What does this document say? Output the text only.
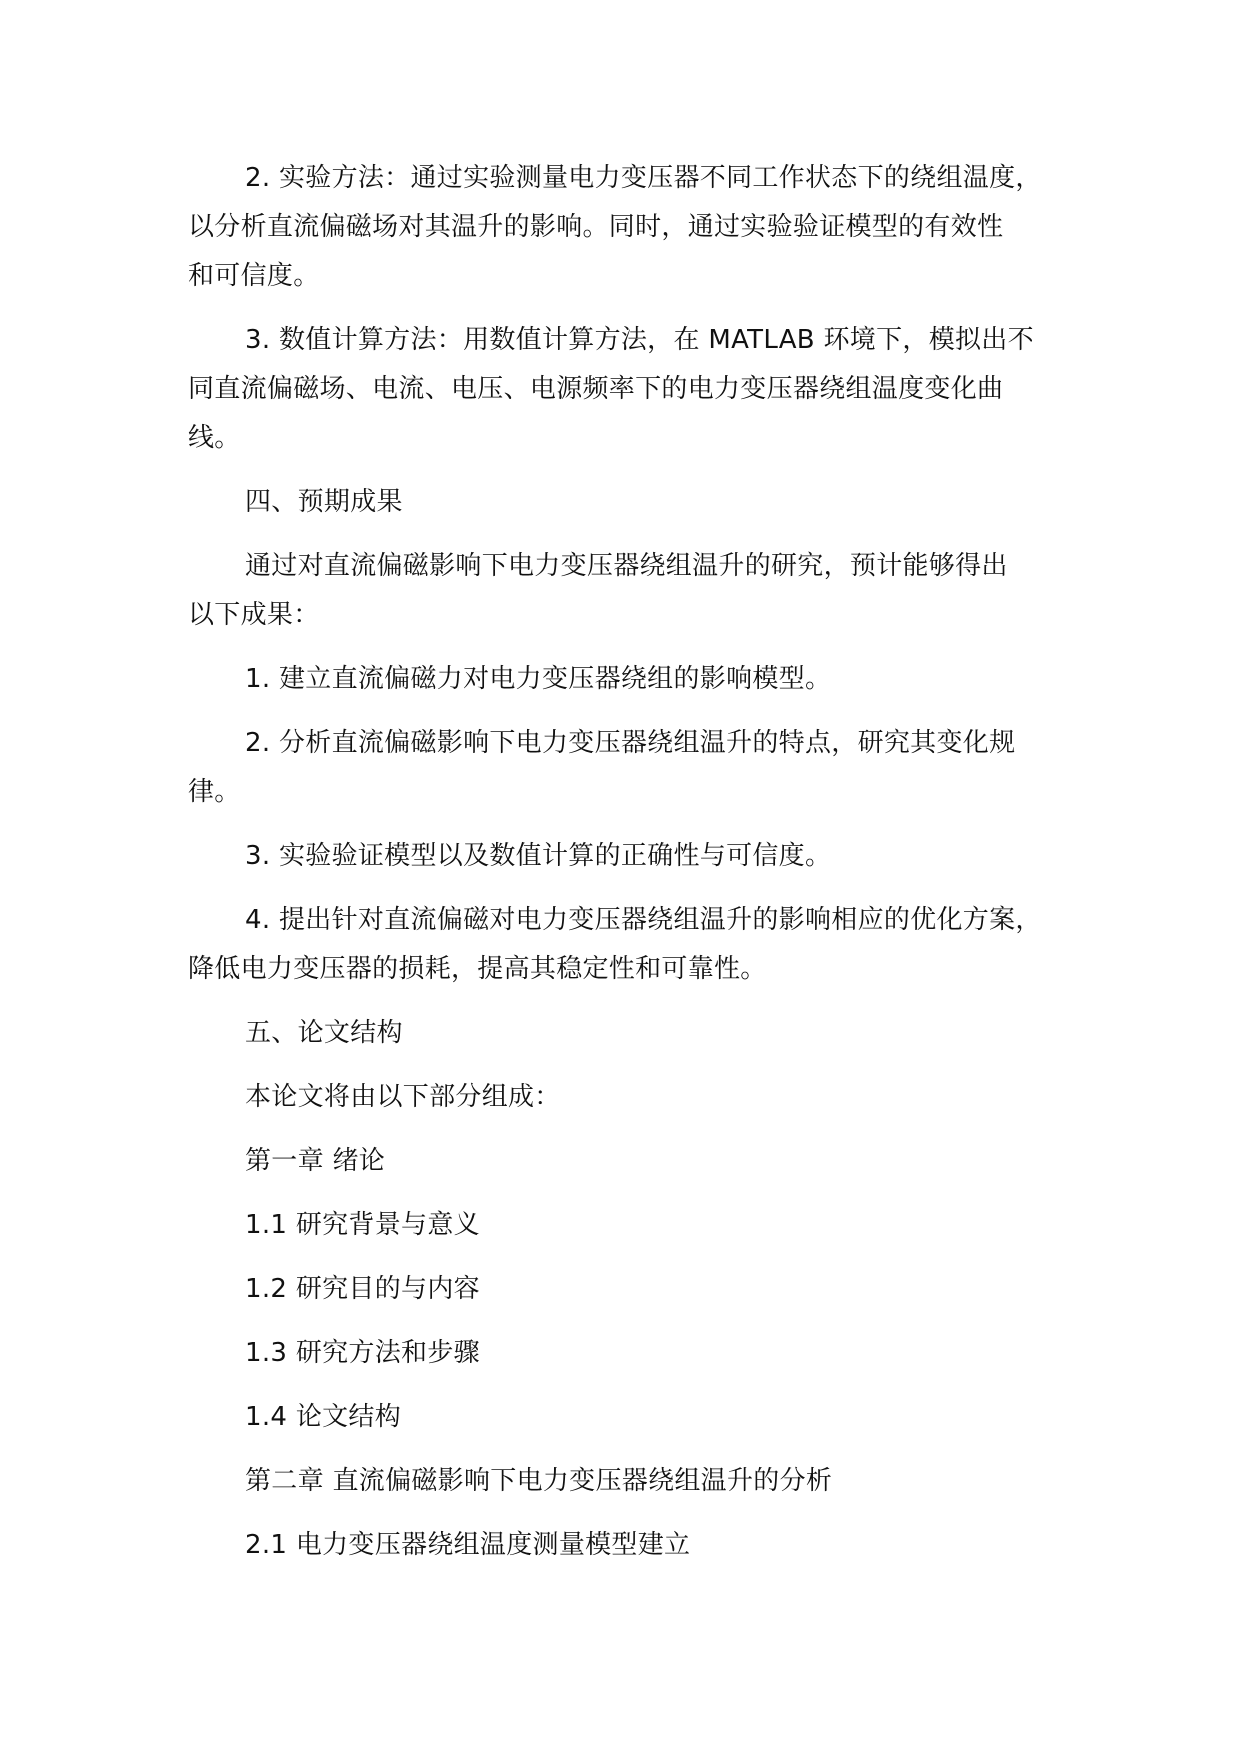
2. 实验方法：通过实验测量电力变压器不同工作状态下的绕组温度，
以分析直流偏磁场对其温升的影响。同时，通过实验验证模型的有效性
和可信度。

3. 数值计算方法：用数值计算方法，在 MATLAB 环境下，模拟出不
同直流偏磁场、电流、电压、电源频率下的电力变压器绕组温度变化曲
线。

四、预期成果

通过对直流偏磁影响下电力变压器绕组温升的研究，预计能够得出
以下成果：

1. 建立直流偏磁力对电力变压器绕组的影响模型。

2. 分析直流偏磁影响下电力变压器绕组温升的特点，研究其变化规
律。

3. 实验验证模型以及数值计算的正确性与可信度。

4. 提出针对直流偏磁对电力变压器绕组温升的影响相应的优化方案，
降低电力变压器的损耗，提高其稳定性和可靠性。

五、论文结构

本论文将由以下部分组成：

第一章 绪论

1.1 研究背景与意义

1.2 研究目的与内容

1.3 研究方法和步骤

1.4 论文结构

第二章 直流偏磁影响下电力变压器绕组温升的分析

2.1 电力变压器绕组温度测量模型建立
